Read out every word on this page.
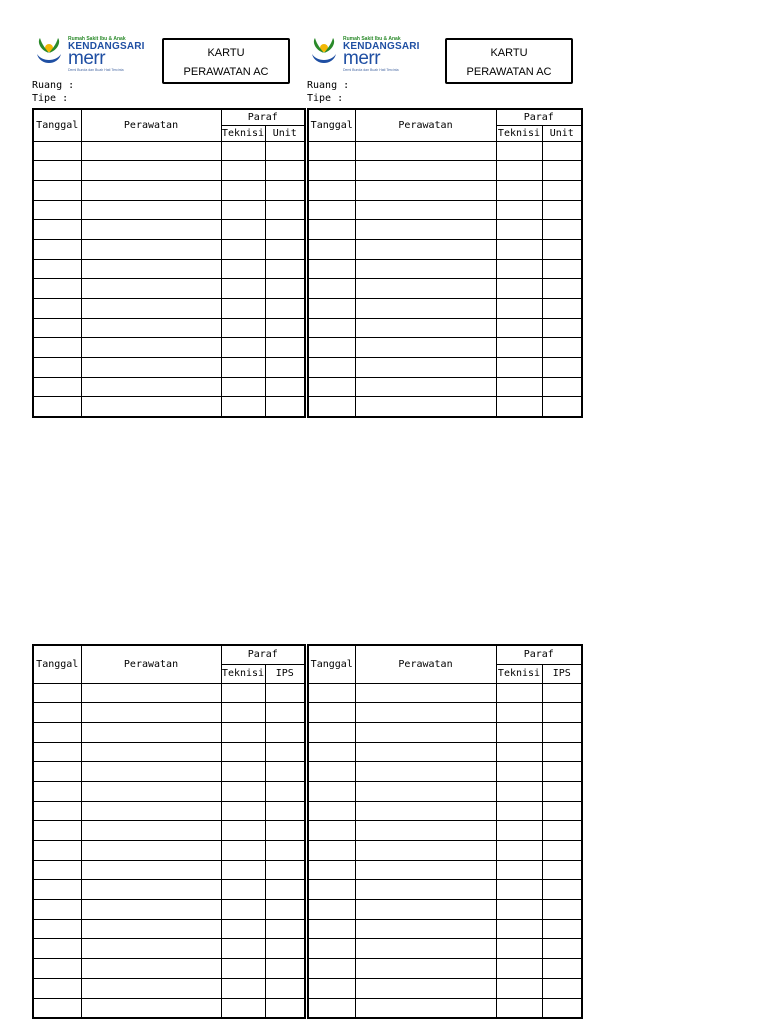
Rumah Sakit Ibu & Anak
KENDANGSARI
merr
Demi Bunda dan Buah Hati Tercinta
KARTU
PERAWATAN AC
Ruang :
Tipe :
Tanggal	Perawatan	Paraf	
		Teknisi	Unit

Rumah Sakit Ibu & Anak
KENDANGSARI
merr
Demi Bunda dan Buah Hati Tercinta
KARTU
PERAWATAN AC
Ruang :
Tipe :
Tanggal	Perawatan	Paraf	
		Teknisi	Unit

Tanggal	Perawatan	Paraf	
		Teknisi	IPS

Tanggal	Perawatan	Paraf	
		Teknisi	IPS
